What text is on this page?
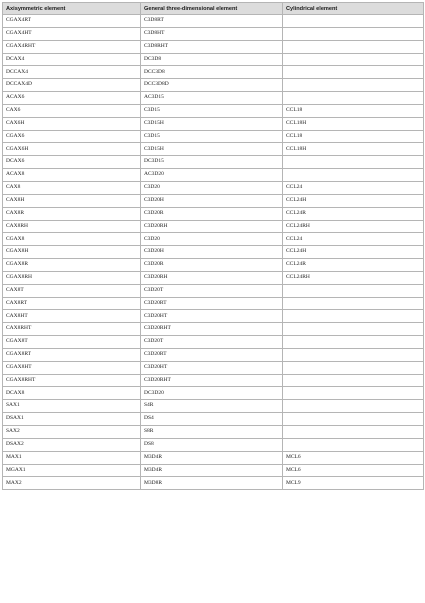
Axisymmetric element	General three-dimensional element	Cylindrical element
CGAX4RT	C3D8RT	
CGAX4HT	C3D8HT	
CGAX4RHT	C3D8RHT	
DCAX4	DC3D8	
DCCAX4	DCC3D8	
DCCAX4D	DCC3D8D	
ACAX6	AC3D15	
CAX6	C3D15	CCL18
CAX6H	C3D15H	CCL18H
CGAX6	C3D15	CCL18
CGAX6H	C3D15H	CCL18H
DCAX6	DC3D15	
ACAX8	AC3D20	
CAX8	C3D20	CCL24
CAX8H	C3D20H	CCL24H
CAX8R	C3D20R	CCL24R
CAX8RH	C3D20RH	CCL24RH
CGAX8	C3D20	CCL24
CGAX8H	C3D20H	CCL24H
CGAX8R	C3D20R	CCL24R
CGAX8RH	C3D20RH	CCL24RH
CAX8T	C3D20T	
CAX8RT	C3D20RT	
CAX8HT	C3D20HT	
CAX8RHT	C3D20RHT	
CGAX8T	C3D20T	
CGAX8RT	C3D20RT	
CGAX8HT	C3D20HT	
CGAX8RHT	C3D20RHT	
DCAX8	DC3D20	
SAX1	S4R	
DSAX1	DS4	
SAX2	S8R	
DSAX2	DS8	
MAX1	M3D4R	MCL6
MGAX1	M3D4R	MCL6
MAX2	M3D8R	MCL9
